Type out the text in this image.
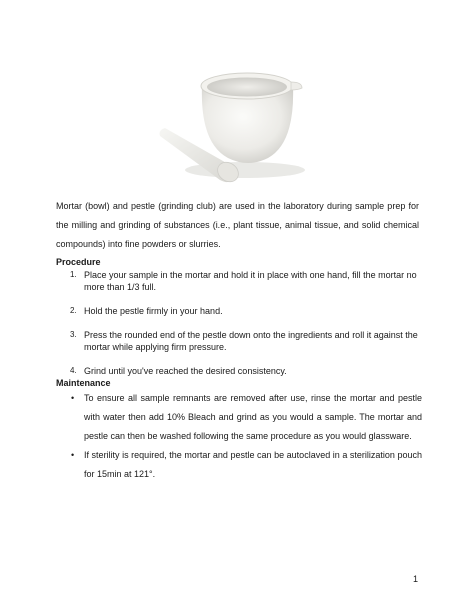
Mortar (bowl) and pestle (grinding club) are used in the laboratory during sample prep for the milling and grinding of substances (i.e., plant tissue, animal tissue, and solid chemical compounds) into fine powders or slurries.

Procedure
1. Place your sample in the mortar and hold it in place with one hand, fill the mortar no more than 1/3 full.
2. Hold the pestle firmly in your hand.
3. Press the rounded end of the pestle down onto the ingredients and roll it against the mortar while applying firm pressure.
4. Grind until you've reached the desired consistency.
Maintenance
• To ensure all sample remnants are removed after use, rinse the mortar and pestle with water then add 10% Bleach and grind as you would a sample. The mortar and pestle can then be washed following the same procedure as you would glassware.
• If sterility is required, the mortar and pestle can be autoclaved in a sterilization pouch for 15min at 121°.
1
